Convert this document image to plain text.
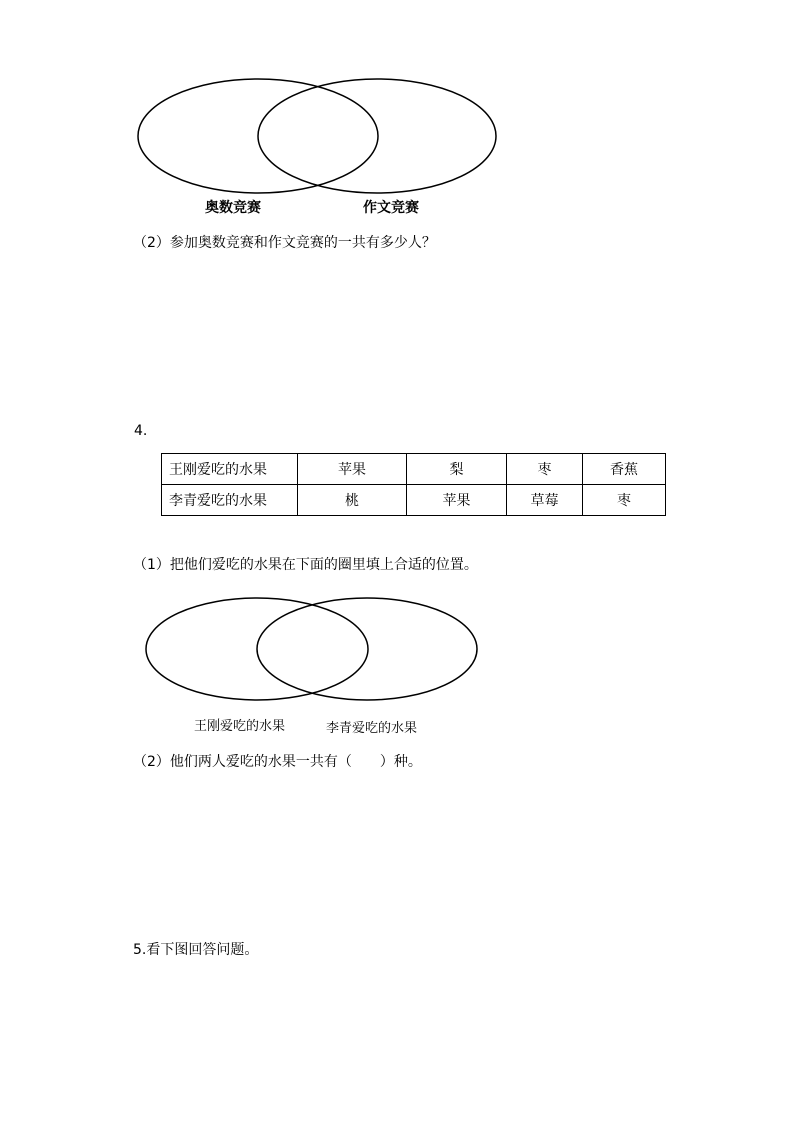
奥数竞赛	作文竞赛
（2）参加奥数竞赛和作文竞赛的一共有多少人？
4.
王刚爱吃的水果	苹果	梨	枣	香蕉
李青爱吃的水果	桃	苹果	草莓	枣
（1）把他们爱吃的水果在下面的圈里填上合适的位置。
王刚爱吃的水果	李青爱吃的水果
（2）他们两人爱吃的水果一共有（　　）种。
5.看下图回答问题。
